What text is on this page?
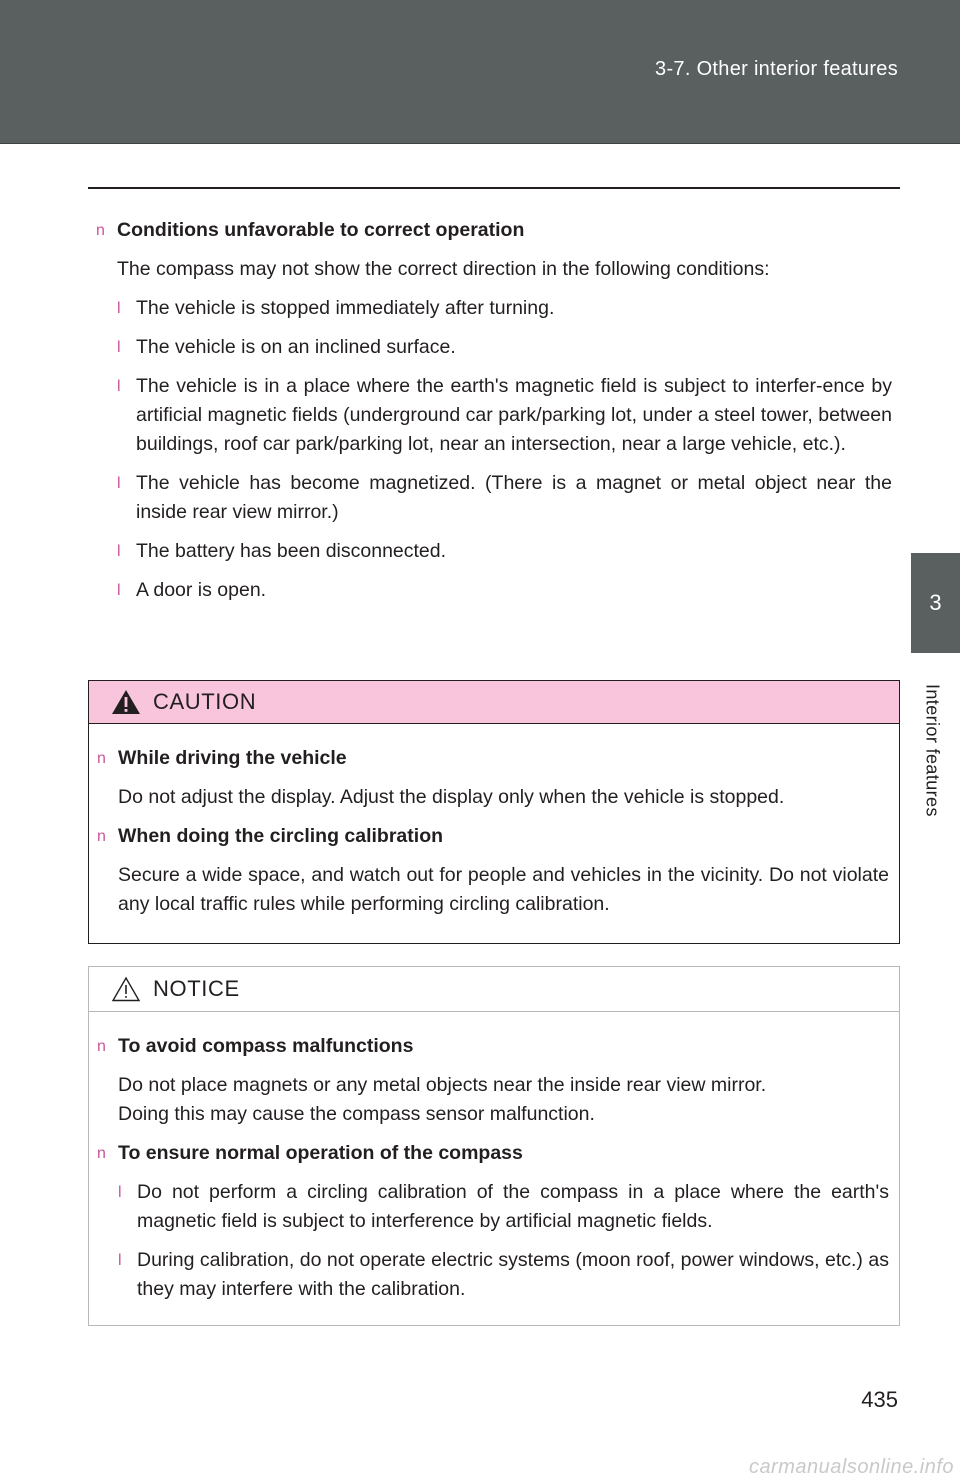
3-7. Other interior features
3
Interior features
n Conditions unfavorable to correct operation
The compass may not show the correct direction in the following conditions:
l The vehicle is stopped immediately after turning.
l The vehicle is on an inclined surface.
l The vehicle is in a place where the earth's magnetic field is subject to interfer-ence by artificial magnetic fields (underground car park/parking lot, under a steel tower, between buildings, roof car park/parking lot, near an intersection, near a large vehicle, etc.).
l The vehicle has become magnetized. (There is a magnet or metal object near the inside rear view mirror.)
l The battery has been disconnected.
l A door is open.
CAUTION
n While driving the vehicle
Do not adjust the display. Adjust the display only when the vehicle is stopped.
n When doing the circling calibration
Secure a wide space, and watch out for people and vehicles in the vicinity. Do not violate any local traffic rules while performing circling calibration.
NOTICE
n To avoid compass malfunctions
Do not place magnets or any metal objects near the inside rear view mirror.
Doing this may cause the compass sensor malfunction.
n To ensure normal operation of the compass
l Do not perform a circling calibration of the compass in a place where the earth's magnetic field is subject to interference by artificial magnetic fields.
l During calibration, do not operate electric systems (moon roof, power windows, etc.) as they may interfere with the calibration.
435
carmanualsonline.info
